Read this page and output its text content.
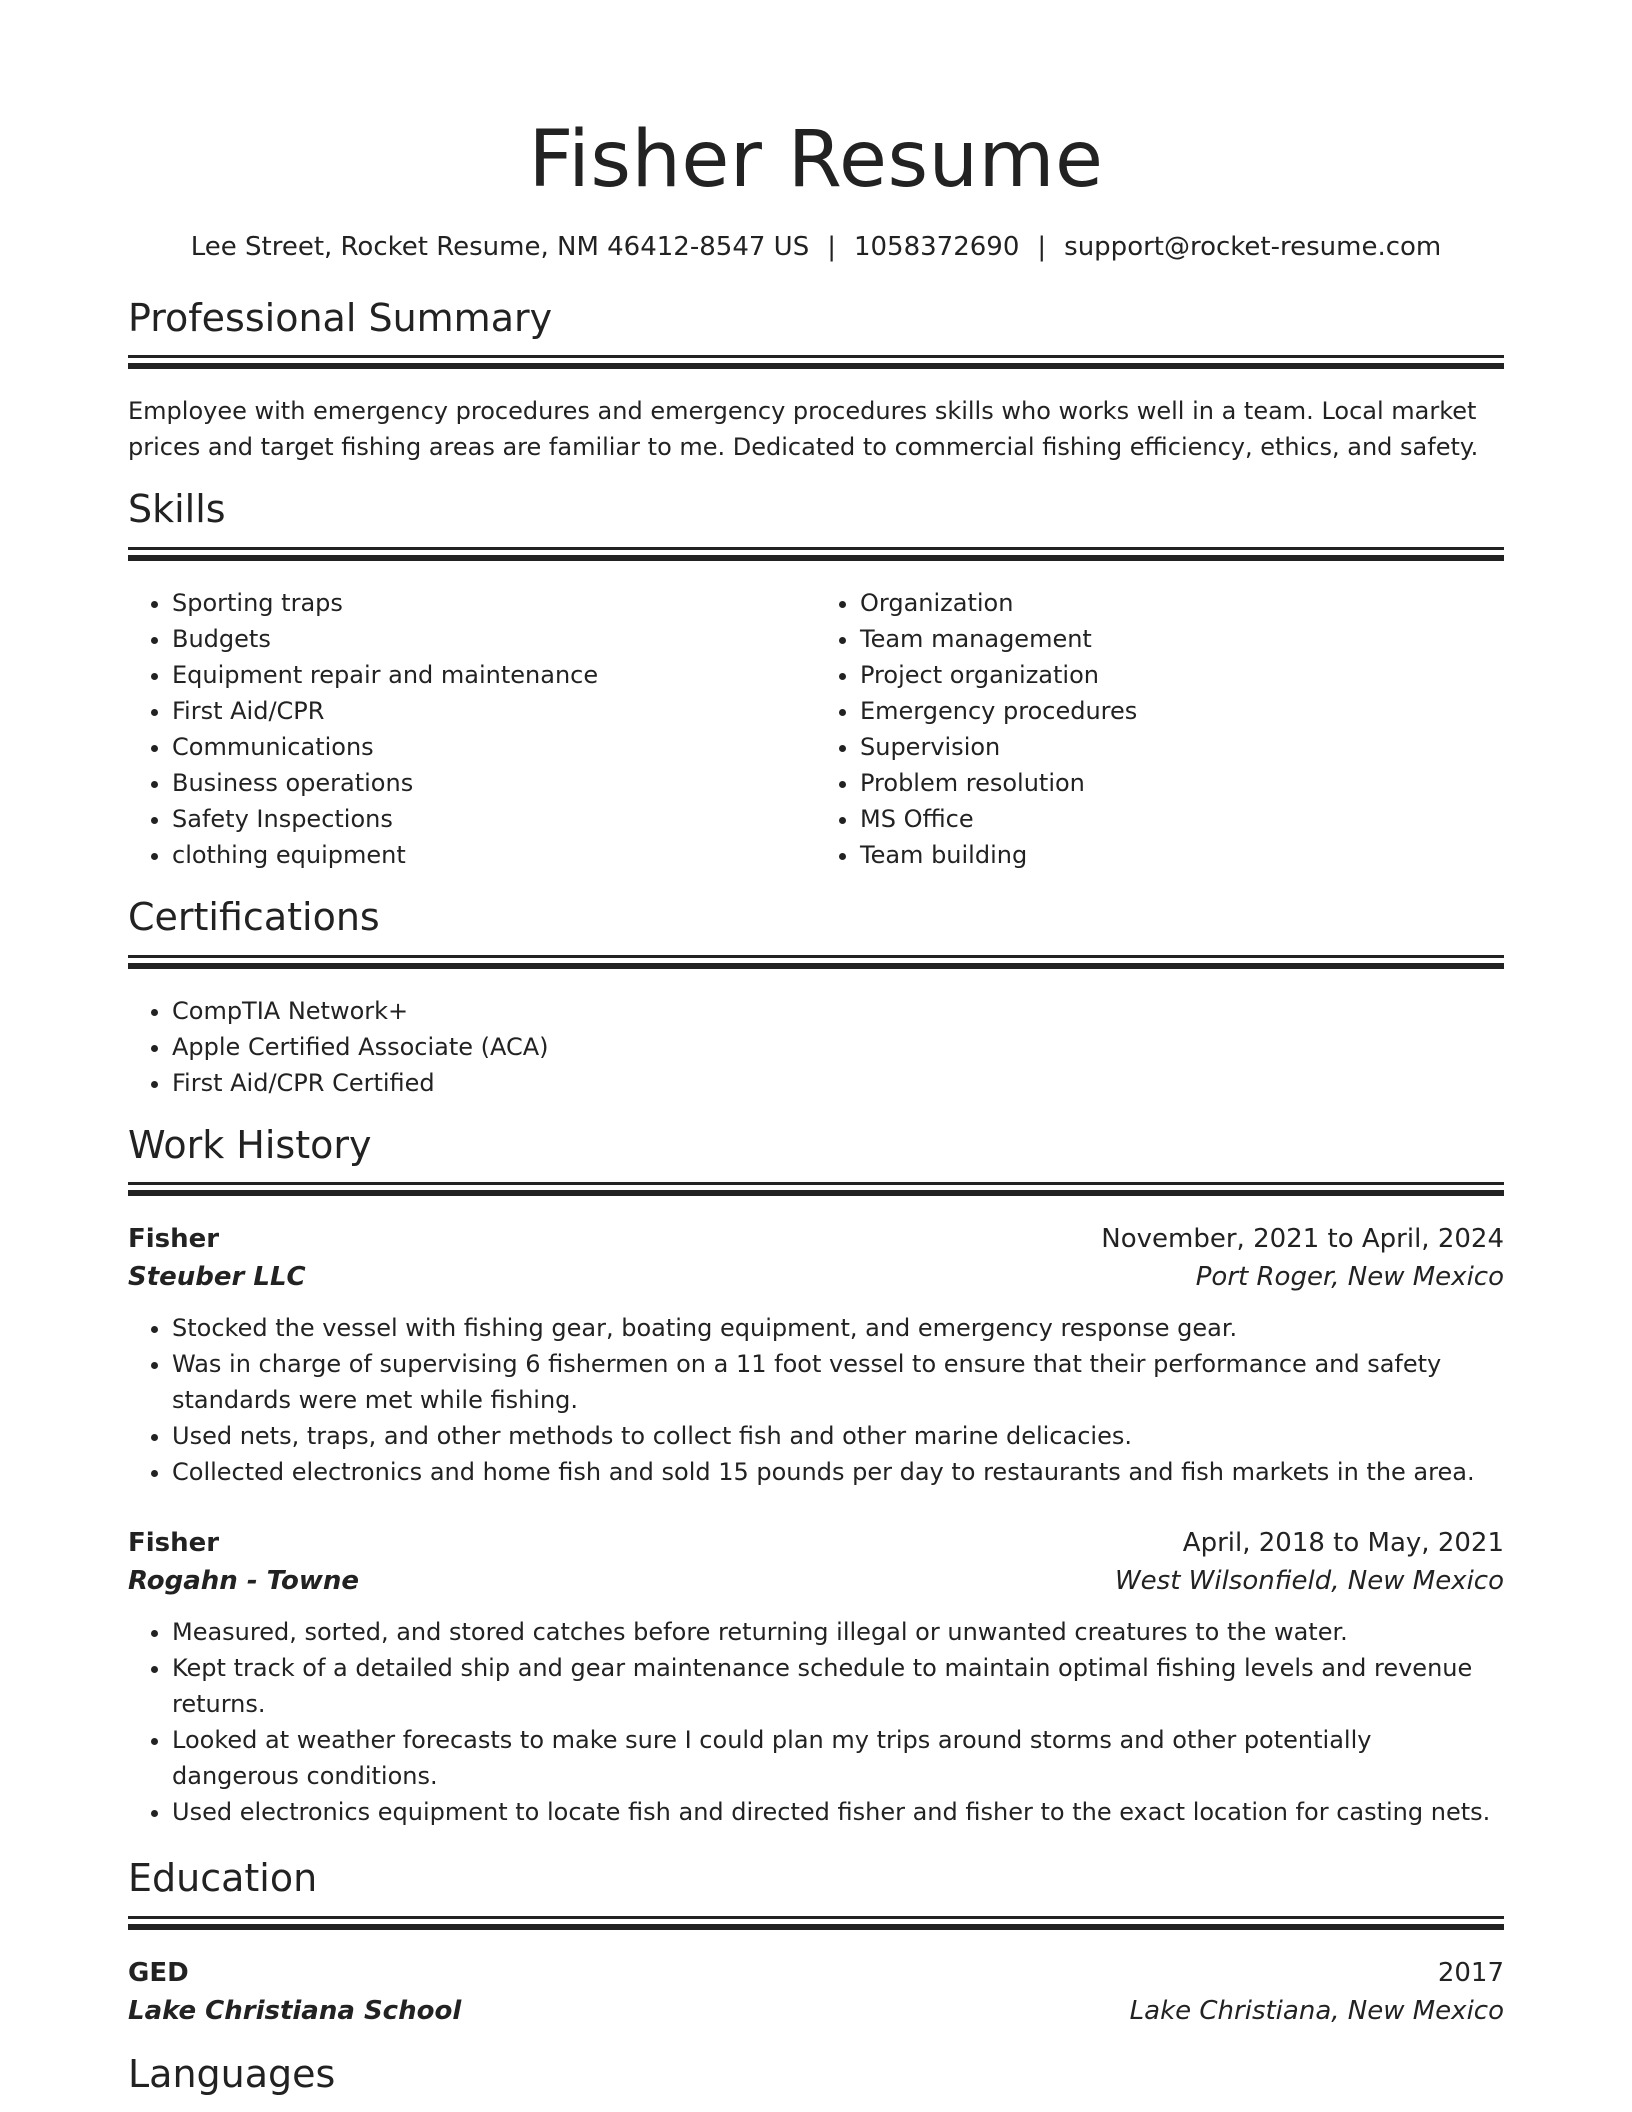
Fisher Resume
Lee Street, Rocket Resume, NM 46412-8547 US | 1058372690 | support@rocket-resume.com
Professional Summary

Employee with emergency procedures and emergency procedures skills who works well in a team. Local market prices and target fishing areas are familiar to me. Dedicated to commercial fishing efficiency, ethics, and safety.

Skills
• Sporting traps
• Budgets
• Equipment repair and maintenance
• First Aid/CPR
• Communications
• Business operations
• Safety Inspections
• clothing equipment
• Organization
• Team management
• Project organization
• Emergency procedures
• Supervision
• Problem resolution
• MS Office
• Team building
Certifications
• CompTIA Network+
• Apple Certified Associate (ACA)
• First Aid/CPR Certified
Work History
Fisher	November, 2021 to April, 2024
Steuber LLC	Port Roger, New Mexico
• Stocked the vessel with fishing gear, boating equipment, and emergency response gear.
• Was in charge of supervising 6 fishermen on a 11 foot vessel to ensure that their performance and safety standards were met while fishing.
• Used nets, traps, and other methods to collect fish and other marine delicacies.
• Collected electronics and home fish and sold 15 pounds per day to restaurants and fish markets in the area.
Fisher	April, 2018 to May, 2021
Rogahn - Towne	West Wilsonfield, New Mexico
• Measured, sorted, and stored catches before returning illegal or unwanted creatures to the water.
• Kept track of a detailed ship and gear maintenance schedule to maintain optimal fishing levels and revenue returns.
• Looked at weather forecasts to make sure I could plan my trips around storms and other potentially dangerous conditions.
• Used electronics equipment to locate fish and directed fisher and fisher to the exact location for casting nets.
Education
GED	2017
Lake Christiana School	Lake Christiana, New Mexico
Languages
